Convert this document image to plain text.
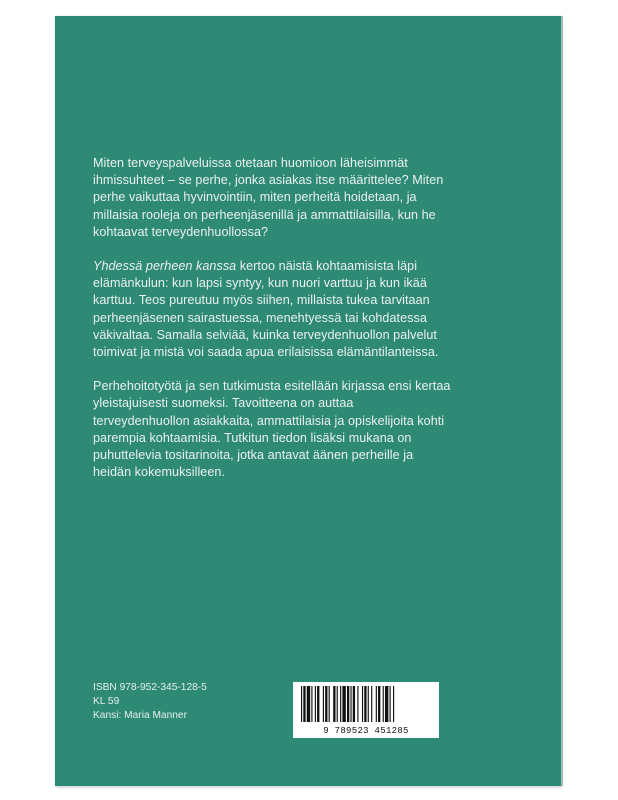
Miten terveyspalveluissa otetaan huomioon läheisimmät ihmissuhteet – se perhe, jonka asiakas itse määrittelee? Miten perhe vaikuttaa hyvinvointiin, miten perheitä hoidetaan, ja millaisia rooleja on perheenjäsenillä ja ammattilaisilla, kun he kohtaavat terveydenhuollossa?

Yhdessä perheen kanssa kertoo näistä kohtaamisista läpi elämänkulun: kun lapsi syntyy, kun nuori varttuu ja kun ikää karttuu. Teos pureutuu myös siihen, millaista tukea tarvitaan perheenjäsenen sairastuessa, menehtyessä tai kohdatessa väkivaltaa. Samalla selviää, kuinka terveydenhuollon palvelut toimivat ja mistä voi saada apua erilaisissa elämäntilanteissa.

Perhehoitotyötä ja sen tutkimusta esitellään kirjassa ensi kertaa yleistajuisesti suomeksi. Tavoitteena on auttaa terveydenhuollon asiakkaita, ammattilaisia ja opiskelijoita kohti parempia kohtaamisia. Tutkitun tiedon lisäksi mukana on puhuttelevia tositarinoita, jotka antavat äänen perheille ja heidän kokemuksilleen.

ISBN 978-952-345-128-5
KL 59
Kansi: Maria Manner
9 789523 451285
